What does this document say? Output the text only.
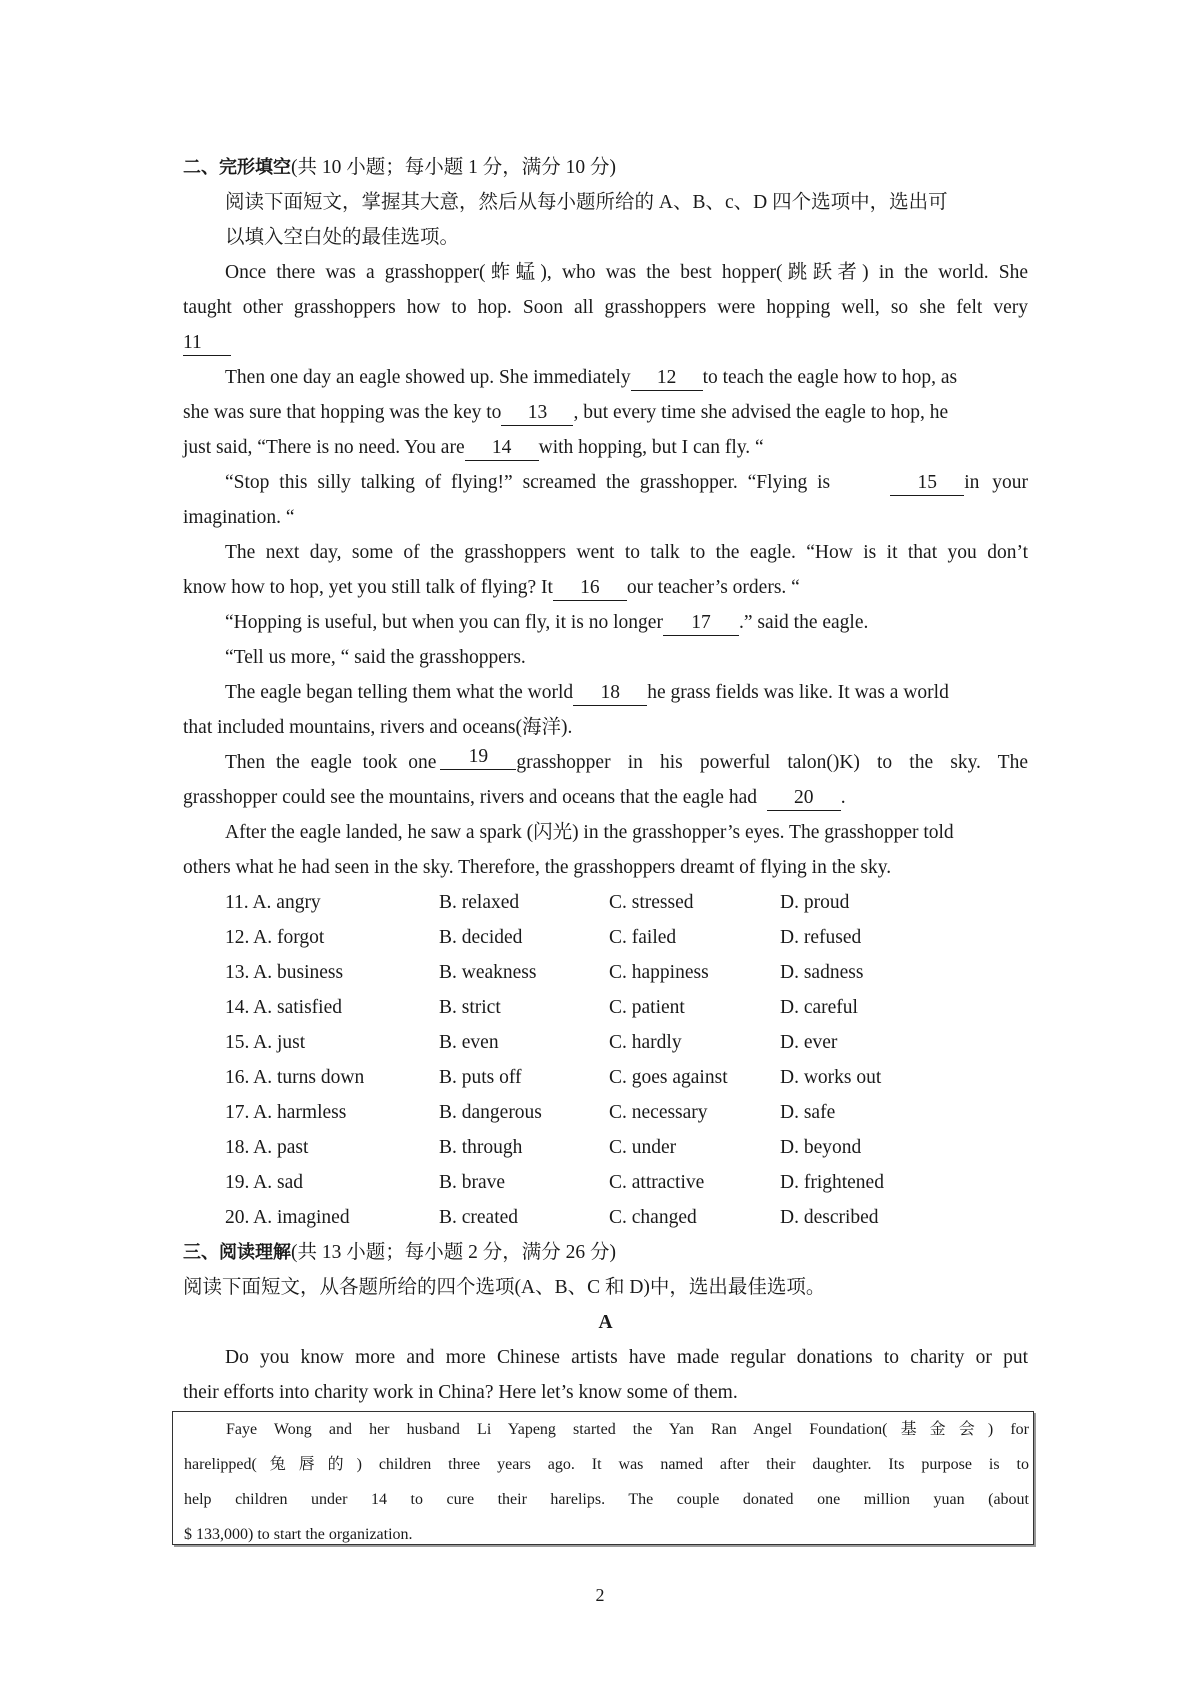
二、完形填空(共 10 小题；每小题 1 分，满分 10 分)
阅读下面短文，掌握其大意，然后从每小题所给的 A、B、c、D 四个选项中，选出可
以填入空白处的最佳选项。
Once there was a grasshopper(蚱蜢), who was the best hopper(跳跃者) in the world. She
taught other grasshoppers how to hop. Soon all grasshoppers were hopping well, so she felt very
11
Then one day an eagle showed up. She immediately 12 to teach the eagle how to hop, as
she was sure that hopping was the key to 13 , but every time she advised the eagle to hop, he
just said, “There is no need. You are 14 with hopping, but I can fly. “
“Stop this silly talking of flying!” screamed the grasshopper. “Flying is	15 in your
imagination. “
The next day, some of the grasshoppers went to talk to the eagle. “How is it that you don’t
know how to hop, yet you still talk of flying? It 16 our teacher’s orders. “
“Hopping is useful, but when you can fly, it is no longer 17 .” said the eagle.
“Tell us more, “ said the grasshoppers.
The eagle began telling them what the world 18 he grass fields was like. It was a world
that included mountains, rivers and oceans(海洋).
Then the eagle took one	19	grasshopper in his powerful talon()K) to the sky. The
grasshopper could see the mountains, rivers and oceans that the eagle had 20 .
After the eagle landed, he saw a spark (闪光) in the grasshopper’s eyes. The grasshopper told
others what he had seen in the sky. Therefore, the grasshoppers dreamt of flying in the sky.
11. A. angry	B. relaxed	C. stressed	D. proud
12. A. forgot	B. decided	C. failed	D. refused
13. A. business	B. weakness	C. happiness	D. sadness
14. A. satisfied	B. strict	C. patient	D. careful
15. A. just	B. even	C. hardly	D. ever
16. A. turns down	B. puts off	C. goes against	D. works out
17. A. harmless	B. dangerous	C. necessary	D. safe
18. A. past	B. through	C. under	D. beyond
19. A. sad	B. brave	C. attractive	D. frightened
20. A. imagined	B. created	C. changed	D. described
三、阅读理解(共 13 小题；每小题 2 分，满分 26 分)
阅读下面短文，从各题所给的四个选项(A、B、C 和 D)中，选出最佳选项。
A
Do you know more and more Chinese artists have made regular donations to charity or put
their efforts into charity work in China? Here let’s know some of them.
Faye Wong and her husband Li Yapeng started the Yan Ran Angel Foundation(基金会) for
harelipped(兔唇的) children three years ago. It was named after their daughter. Its purpose is to
help children under 14 to cure their harelips. The couple donated one million yuan (about
$ 133,000) to start the organization.
2
